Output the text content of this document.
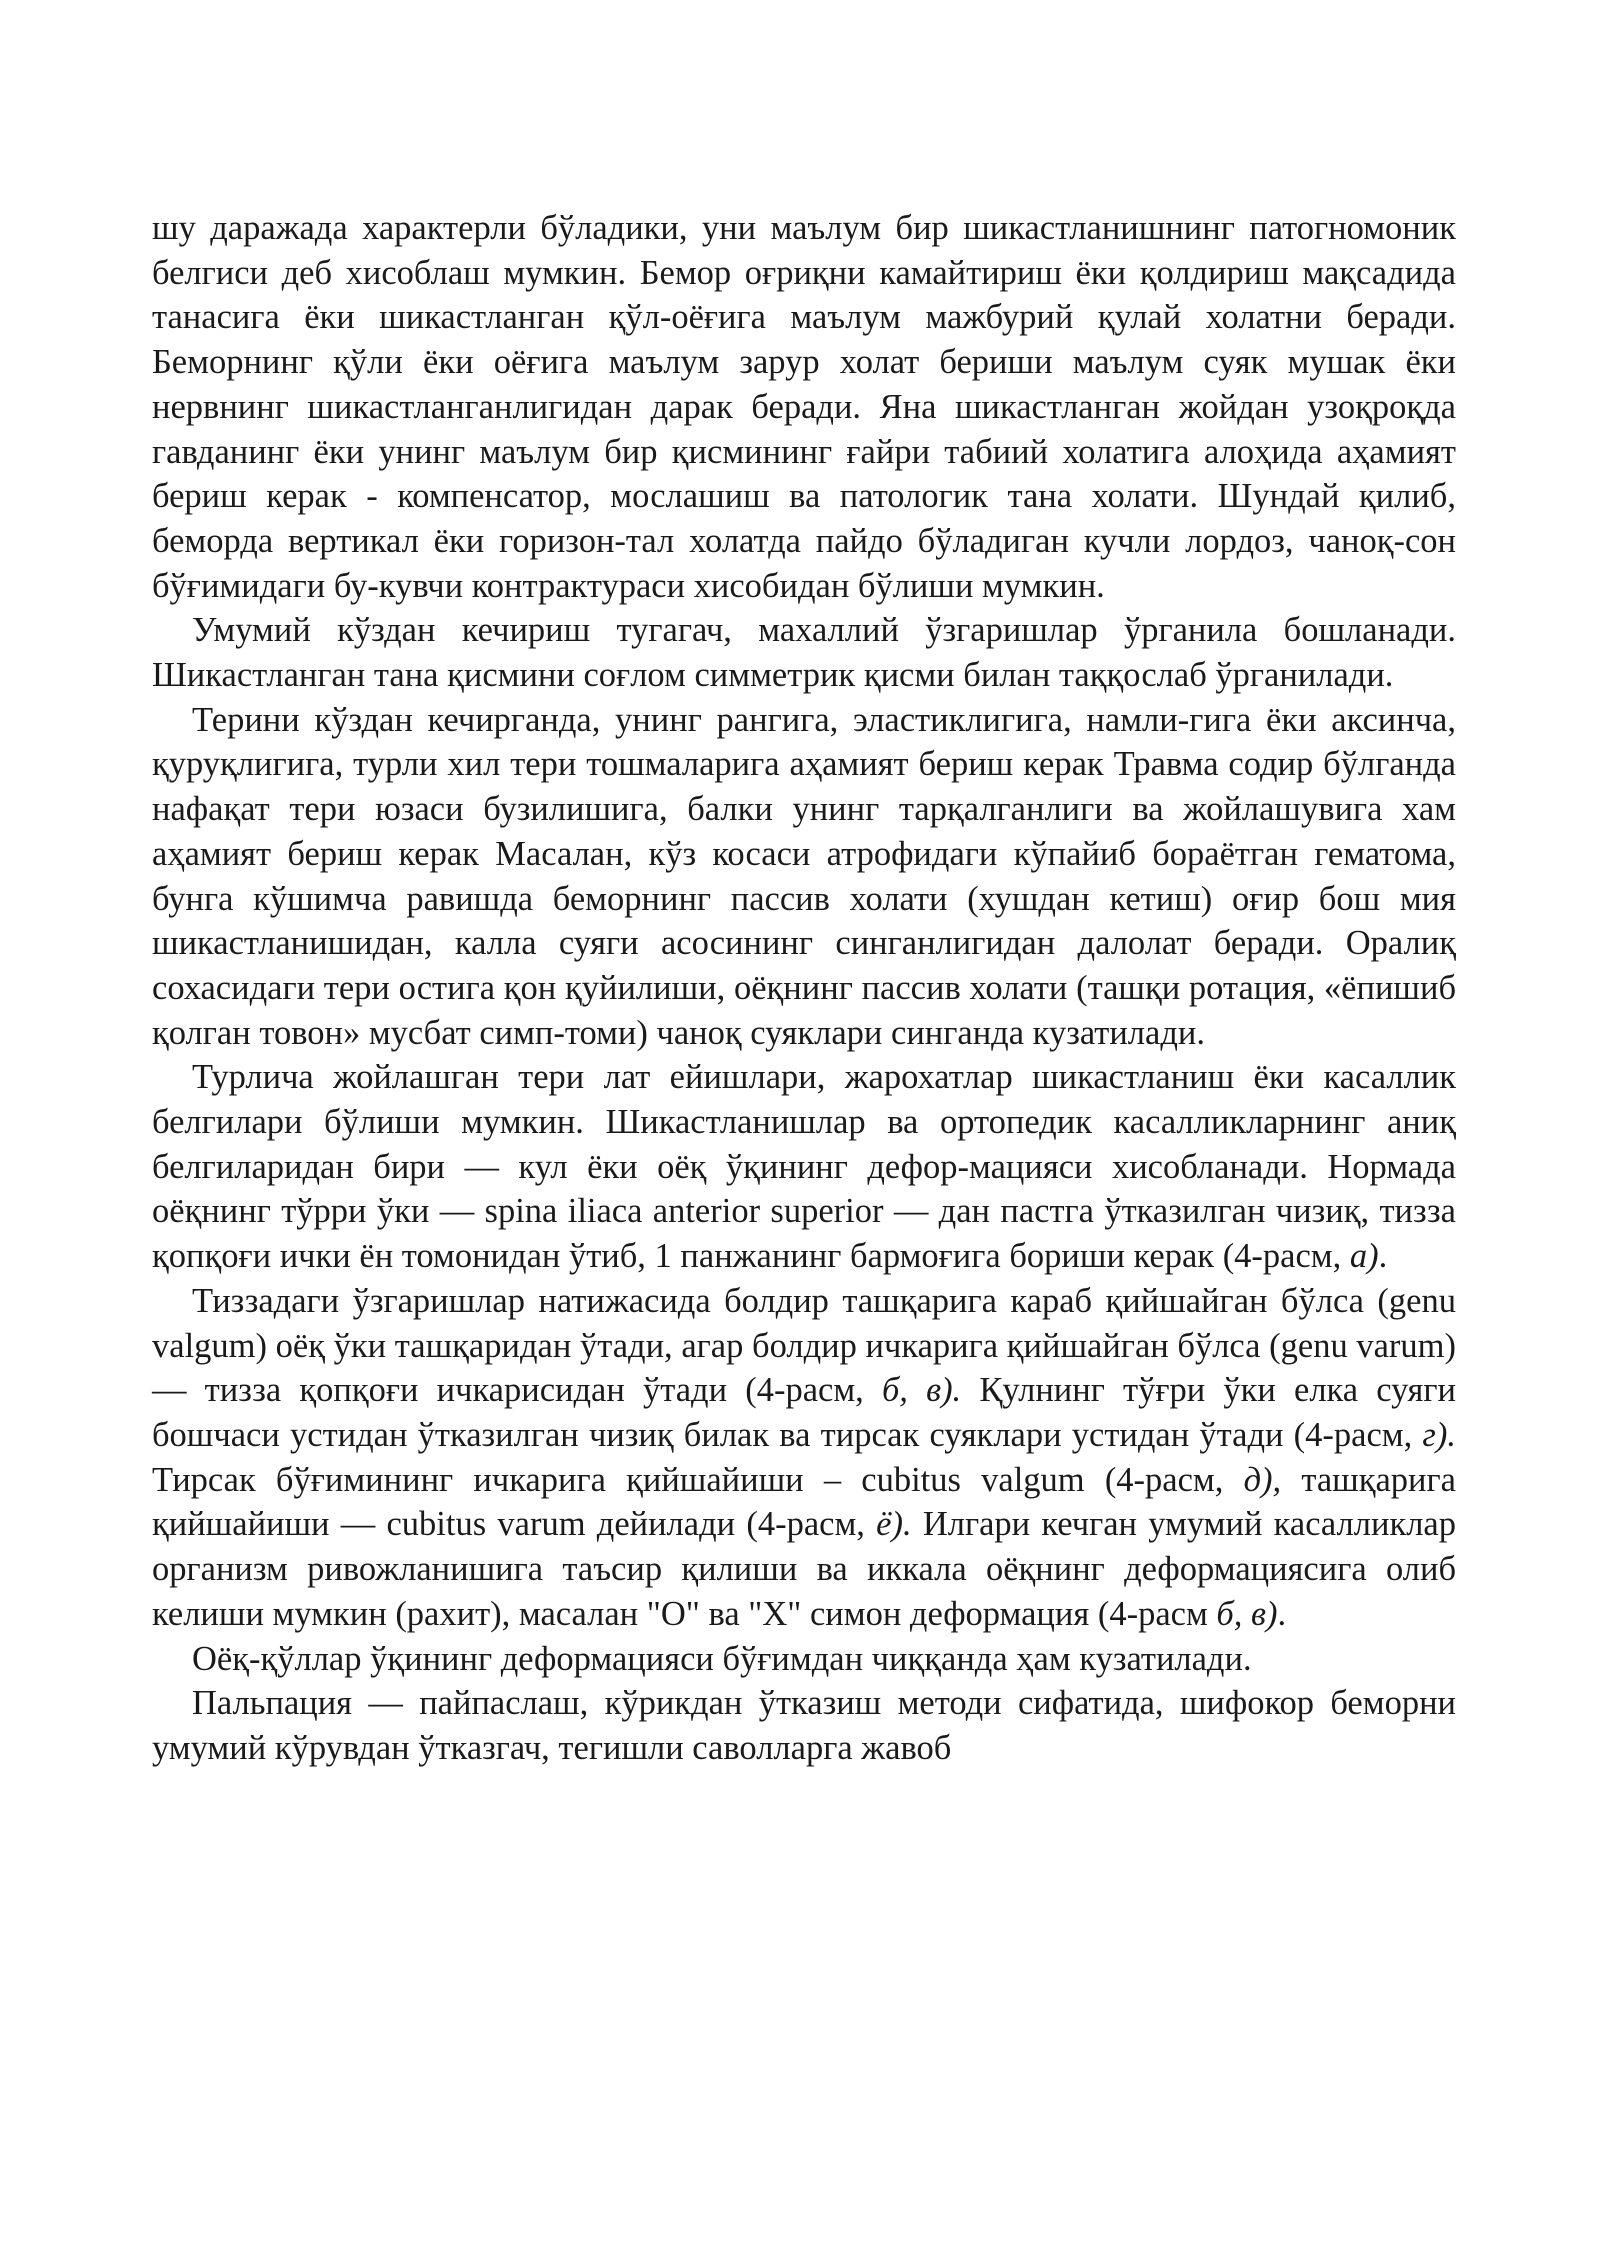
шу даражада характерли бўладики, уни маълум бир шикастланишнинг патогномоник белгиси деб хисоблаш мумкин. Бемор оғриқни камайтириш ёки қолдириш мақсадида танасига ёки шикастланган қўл-оёғига маълум мажбурий қулай холатни беради. Беморнинг қўли ёки оёғига маълум зарур холат бериши маълум суяк мушак ёки нервнинг шикастланганлигидан дарак беради. Яна шикастланган жойдан узоқроқда гавданинг ёки унинг маълум бир қисмининг ғайри табиий холатига алоҳида аҳамият бериш керак - компенсатор, мослашиш ва патологик тана холати. Шундай қилиб, беморда вертикал ёки горизон-тал холатда пайдо бўладиган кучли лордоз, чаноқ-сон бўғимидаги бу-кувчи контрактураси хисобидан бўлиши мумкин.

Умумий кўздан кечириш тугагач, махаллий ўзгаришлар ўрганила бошланади. Шикастланган тана қисмини соғлом симметрик қисми билан таққослаб ўрганилади.

Терини кўздан кечирганда, унинг рангига, эластиклигига, намли-гига ёки аксинча, қуруқлигига, турли хил тери тошмаларига аҳамият бериш керак Травма содир бўлганда нафақат тери юзаси бузилишига, балки унинг тарқалганлиги ва жойлашувига хам аҳамият бериш керак Масалан, кўз косаси атрофидаги кўпайиб бораётган гематома, бунга кўшимча равишда беморнинг пассив холати (хушдан кетиш) оғир бош мия шикастланишидан, калла суяги асосининг синганлигидан далолат беради. Оралиқ сохасидаги тери остига қон қуйилиши, оёқнинг пассив холати (ташқи ротация, «ёпишиб қолган товон» мусбат симп-томи) чаноқ суяклари синганда кузатилади.

Турлича жойлашган тери лат ейишлари, жарохатлар шикастланиш ёки касаллик белгилари бўлиши мумкин. Шикастланишлар ва ортопедик касалликларнинг аниқ белгиларидан бири — кул ёки оёқ ўқининг дефор-мацияси хисобланади. Нормада оёқнинг тўрри ўки — spina iliaca anterior superior — дан пастга ўтказилган чизиқ, тизза қопқоғи ички ён томонидан ўтиб, 1 панжанинг бармоғига бориши керак (4-расм, а).

Тиззадаги ўзгаришлар натижасида болдир ташқарига караб қийшайган бўлса (genu valgum) оёқ ўки ташқаридан ўтади, агар болдир ичкарига қийшайган бўлса (genu varum) — тизза қопқоғи ичкарисидан ўтади (4-расм, б, в). Қулнинг тўғри ўки елка суяги бошчаси устидан ўтказилган чизиқ билак ва тирсак суяклари устидан ўтади (4-расм, г). Тирсак бўғимининг ичкарига қийшайиши – cubitus valgum (4-расм, д), ташқарига қийшайиши — cubitus varum дейилади (4-расм, ё). Илгари кечган умумий касалликлар организм ривожланишига таъсир қилиши ва иккала оёқнинг деформациясига олиб келиши мумкин (рахит), масалан "О" ва "X" симон деформация (4-расм б, в).

Оёқ-қўллар ўқининг деформацияси бўғимдан чиққанда ҳам кузатилади.

Пальпация — пайпаслаш, кўрикдан ўтказиш методи сифатида, шифокор беморни умумий кўрувдан ўтказгач, тегишли саволларга жавоб
